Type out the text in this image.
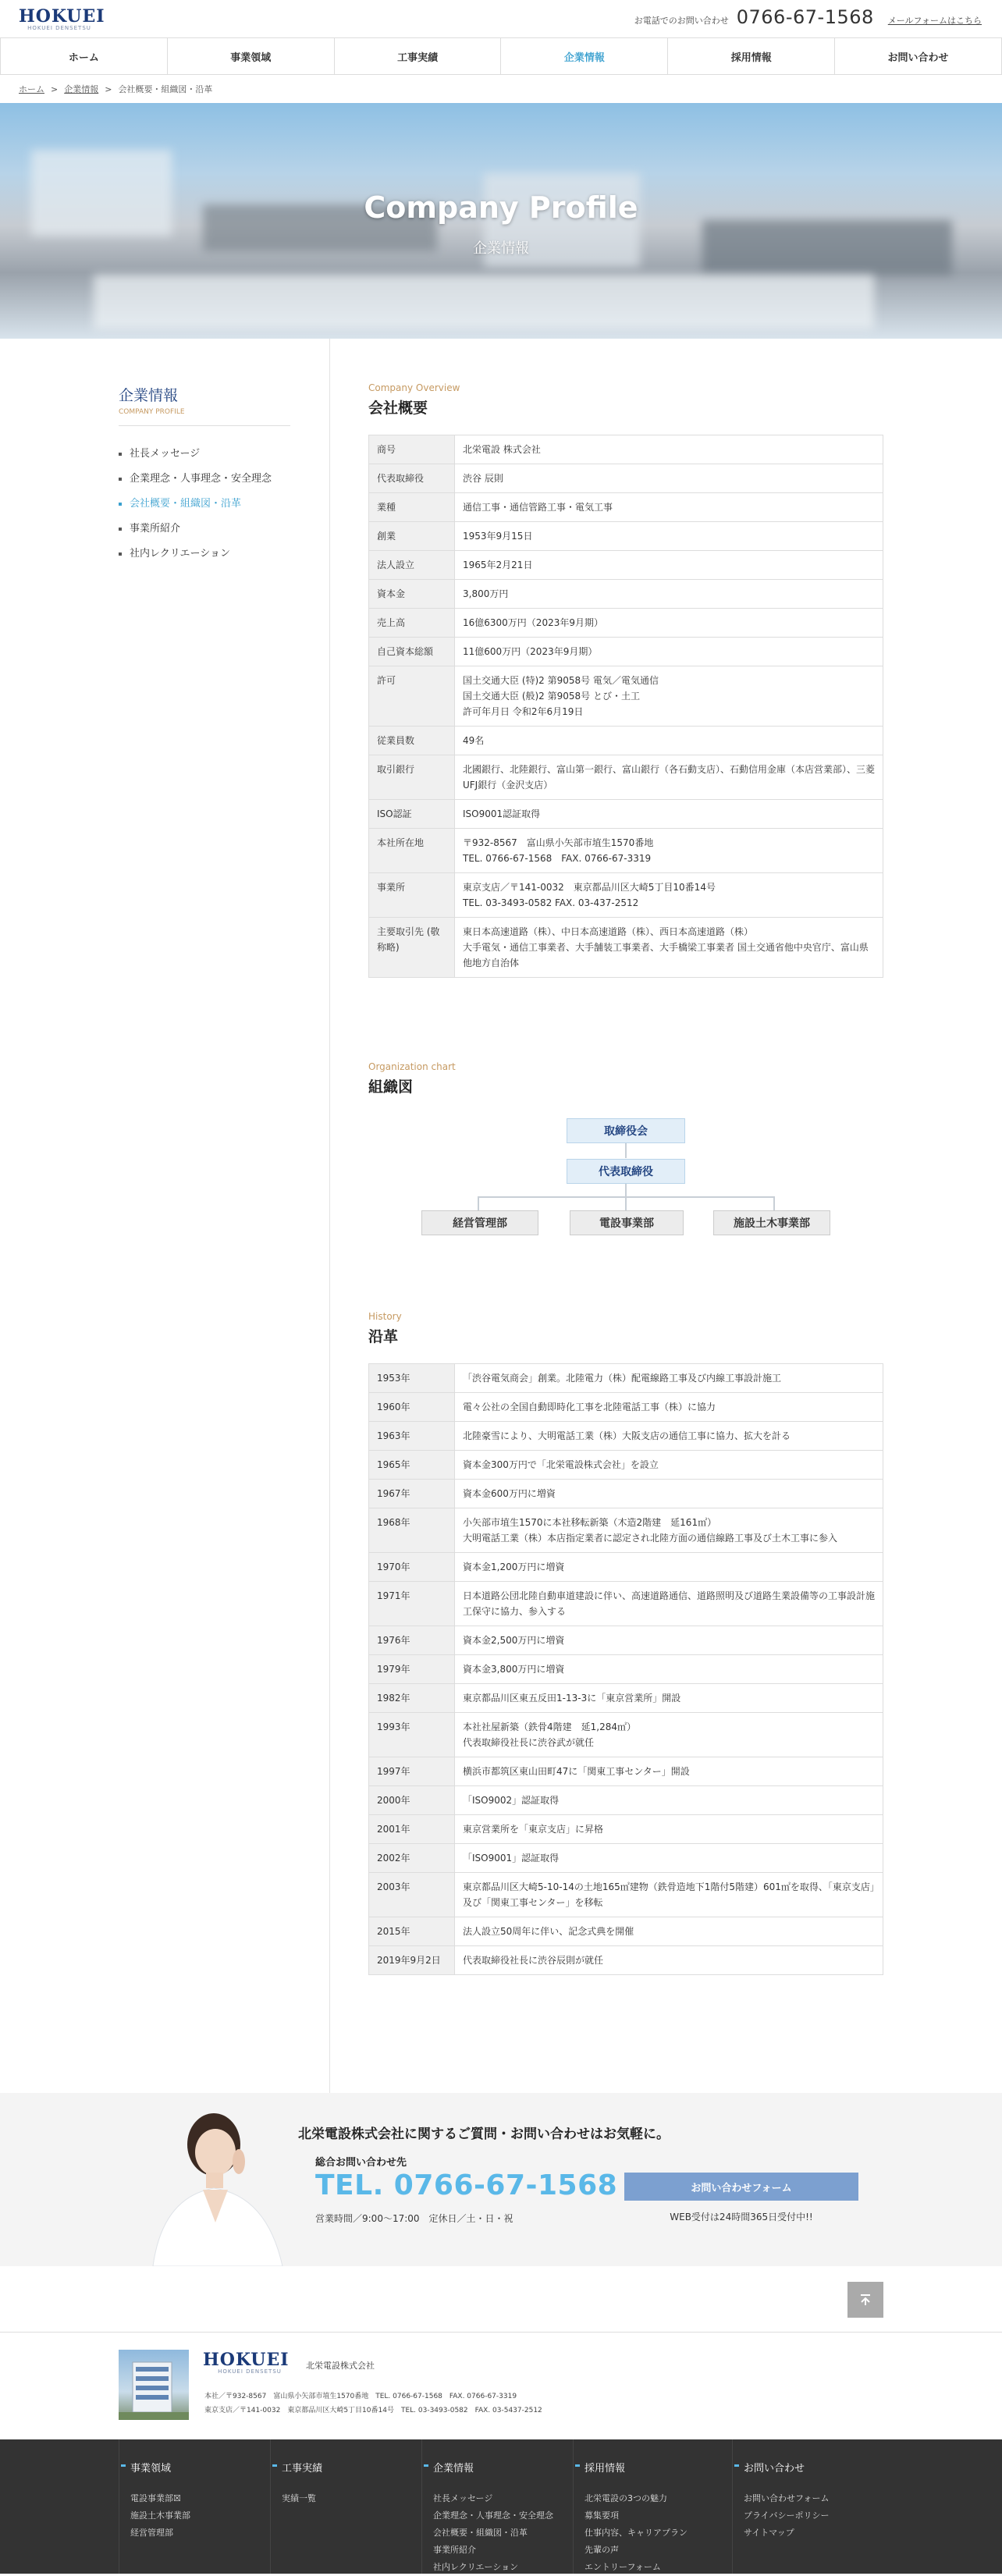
HOKUEI
HOKUEI DENSETSU
お電話でのお問い合わせ 0766-67-1568 メールフォームはこちら
ホーム	事業領域	工事実績	企業情報	採用情報	お問い合わせ
ホーム > 企業情報 > 会社概要・組織図・沿革
Company Profile
企業情報
企業情報
COMPANY PROFILE
社長メッセージ
企業理念・人事理念・安全理念
会社概要・組織図・沿革
事業所紹介
社内レクリエーション
Company Overview
会社概要
商号	北栄電設 株式会社

代表取締役	渋谷 辰則

業種	通信工事・通信管路工事・電気工事

創業	1953年9月15日

法人設立	1965年2月21日

資本金	3,800万円

売上高	16億6300万円（2023年9月期）

自己資本総額	11億600万円（2023年9月期）

許可	国土交通大臣 (特)2 第9058号 電気／電気通信
国土交通大臣 (般)2 第9058号 とび・土工
許可年月日 令和2年6月19日

従業員数	49名

取引銀行	北國銀行、北陸銀行、富山第一銀行、富山銀行（各石動支店）、石動信用金庫（本店営業部）、三菱UFJ銀行（金沢支店）

ISO認証	ISO9001認証取得

本社所在地	〒932-8567　富山県小矢部市埴生1570番地
TEL. 0766-67-1568　FAX. 0766-67-3319

事業所	東京支店／〒141-0032　東京都品川区大崎5丁目10番14号
TEL. 03-3493-0582 FAX. 03-437-2512

主要取引先 (敬称略)	東日本高速道路（株）、中日本高速道路（株）、西日本高速道路（株）
大手電気・通信工事業者、大手舗装工事業者、大手橋梁工事業者 国土交通省他中央官庁、富山県他地方自治体
Organization chart
組織図
取締役会
代表取締役
経営管理部	電設事業部	施設土木事業部
History
沿革
1953年	「渋谷電気商会」創業。北陸電力（株）配電線路工事及び内線工事設計施工

1960年	電々公社の全国自動即時化工事を北陸電話工事（株）に協力

1963年	北陸豪雪により、大明電話工業（株）大阪支店の通信工事に協力、拡大を計る

1965年	資本金300万円で「北栄電設株式会社」を設立

1967年	資本金600万円に増資

1968年	小矢部市埴生1570に本社移転新築（木造2階建　延161㎡）
大明電話工業（株）本店指定業者に認定され北陸方面の通信線路工事及び土木工事に参入

1970年	資本金1,200万円に増資

1971年	日本道路公団北陸自動車道建設に伴い、高速道路通信、道路照明及び道路生業設備等の工事設計施工保守に協力、参入する

1976年	資本金2,500万円に増資

1979年	資本金3,800万円に増資

1982年	東京都品川区東五反田1-13-3に「東京営業所」開設

1993年	本社社屋新築（鉄骨4階建　延1,284㎡）
代表取締役社長に渋谷武が就任

1997年	横浜市都筑区東山田町47に「関東工事センター」開設

2000年	「ISO9002」認証取得

2001年	東京営業所を「東京支店」に昇格

2002年	「ISO9001」認証取得

2003年	東京都品川区大崎5-10-14の土地165㎡建物（鉄骨造地下1階付5階建）601㎡を取得、「東京支店」及び「関東工事センター」を移転

2015年	法人設立50周年に伴い、記念式典を開催

2019年9月2日	代表取締役社長に渋谷辰則が就任
北栄電設株式会社に関するご質問・お問い合わせはお気軽に。
総合お問い合わせ先
TEL. 0766-67-1568
営業時間／9:00～17:00　定休日／土・日・祝
お問い合わせフォーム
WEB受付は24時間365日受付中!!
HOKUEI
HOKUEI DENSETSU
北栄電設株式会社
本社／〒932-8567　富山県小矢部市埴生1570番地　TEL. 0766-67-1568　FAX. 0766-67-3319
東京支店／〒141-0032　東京都品川区大崎5丁目10番14号　TEL. 03-3493-0582　FAX. 03-5437-2512
事業領域
電設事業部☒
施設土木事業部
経営管理部
工事実績
実績一覧
企業情報
社長メッセージ
企業理念・人事理念・安全理念
会社概要・組織図・沿革
事業所紹介
社内レクリエーション
採用情報
北栄電設の3つの魅力
募集要項
仕事内容、キャリアプラン
先輩の声
エントリーフォーム
お問い合わせ
お問い合わせフォーム
プライバシーポリシー
サイトマップ
